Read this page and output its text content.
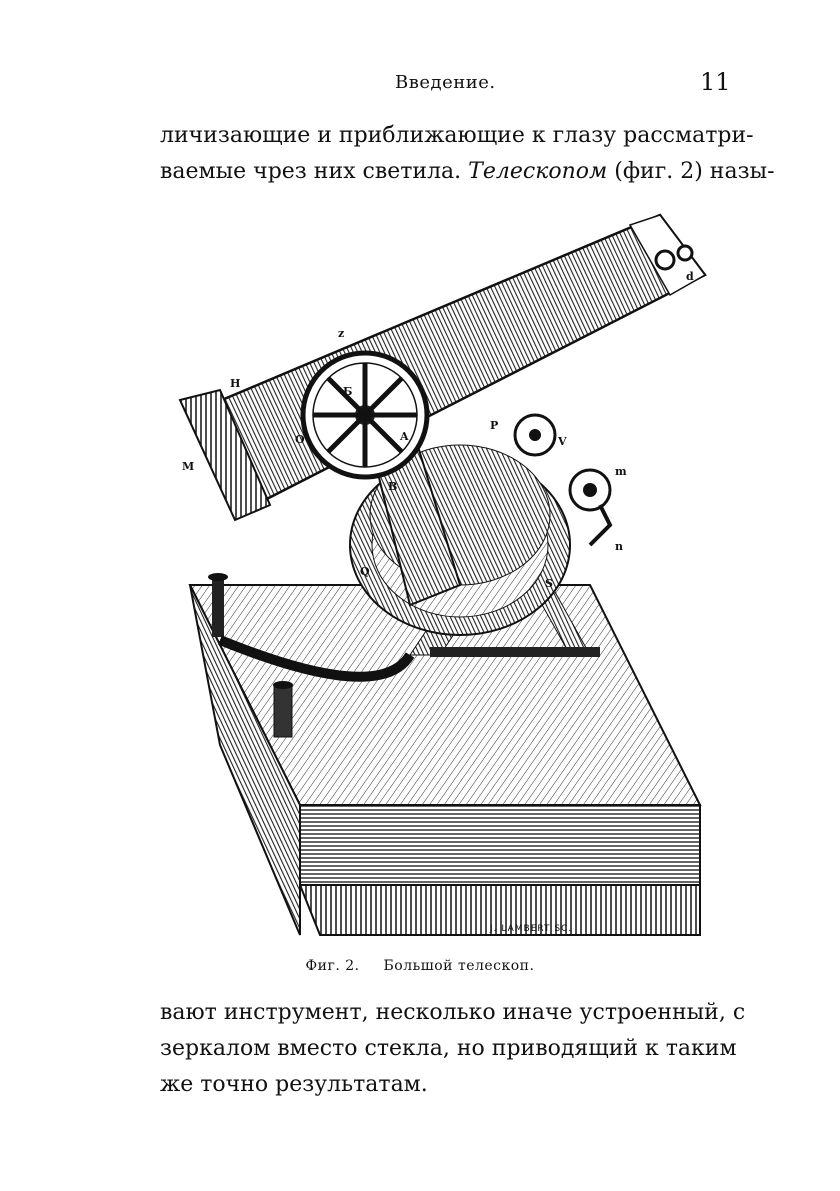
Введение.	11
личизающие и приближающие к глазу рассматри-
ваемые чрез них светила. Телескопом (фиг. 2) назы-
z
H
Б
O
M
A
P
V
B
m
Q
S
n
d
J. LAMBERT SC.
Фиг. 2. Большой телескоп.
вают инструмент, несколько иначе устроенный, с
зеркалом вместо стекла, но приводящий к таким
же точно результатам.
